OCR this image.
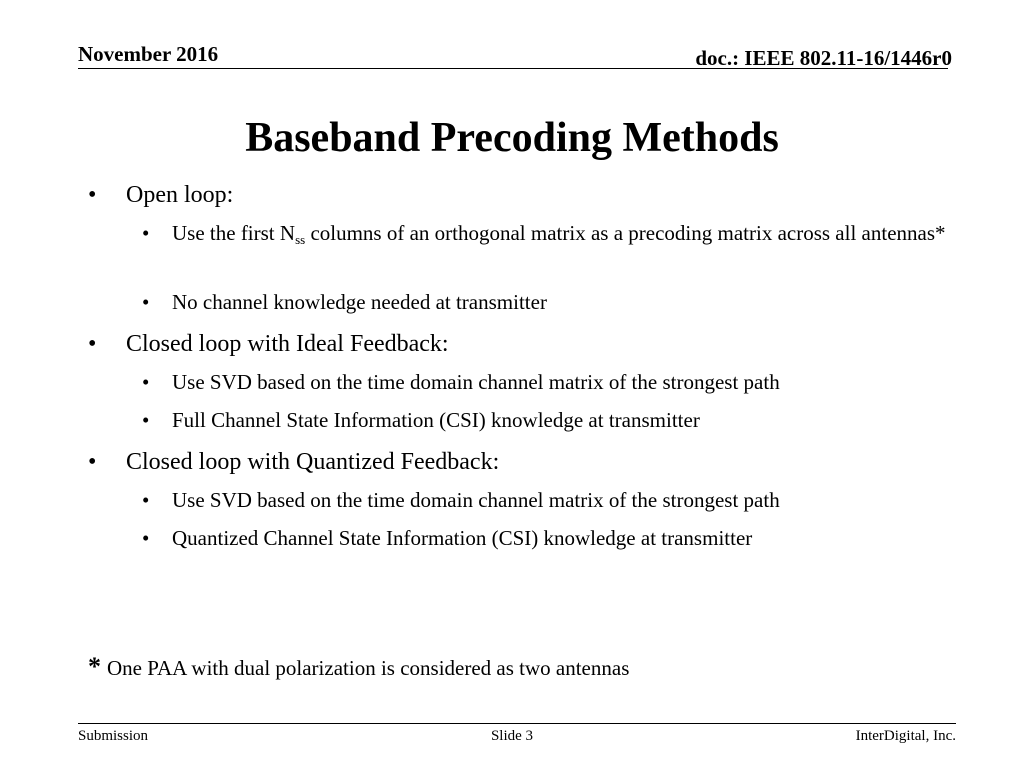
November 2016	doc.: IEEE 802.11-16/1446r0
Baseband Precoding Methods
• Open loop:
• Use the first $N_{ss}$ columns of an orthogonal matrix as a precoding matrix across all antennas*
• No channel knowledge needed at transmitter
• Closed loop with Ideal Feedback:
• Use SVD based on the time domain channel matrix of the strongest path
• Full Channel State Information (CSI) knowledge at transmitter
• Closed loop with Quantized Feedback:
• Use SVD based on the time domain channel matrix of the strongest path
• Quantized Channel State Information (CSI) knowledge at transmitter
* One PAA with dual polarization is considered as two antennas
Submission	Slide 3	InterDigital, Inc.
